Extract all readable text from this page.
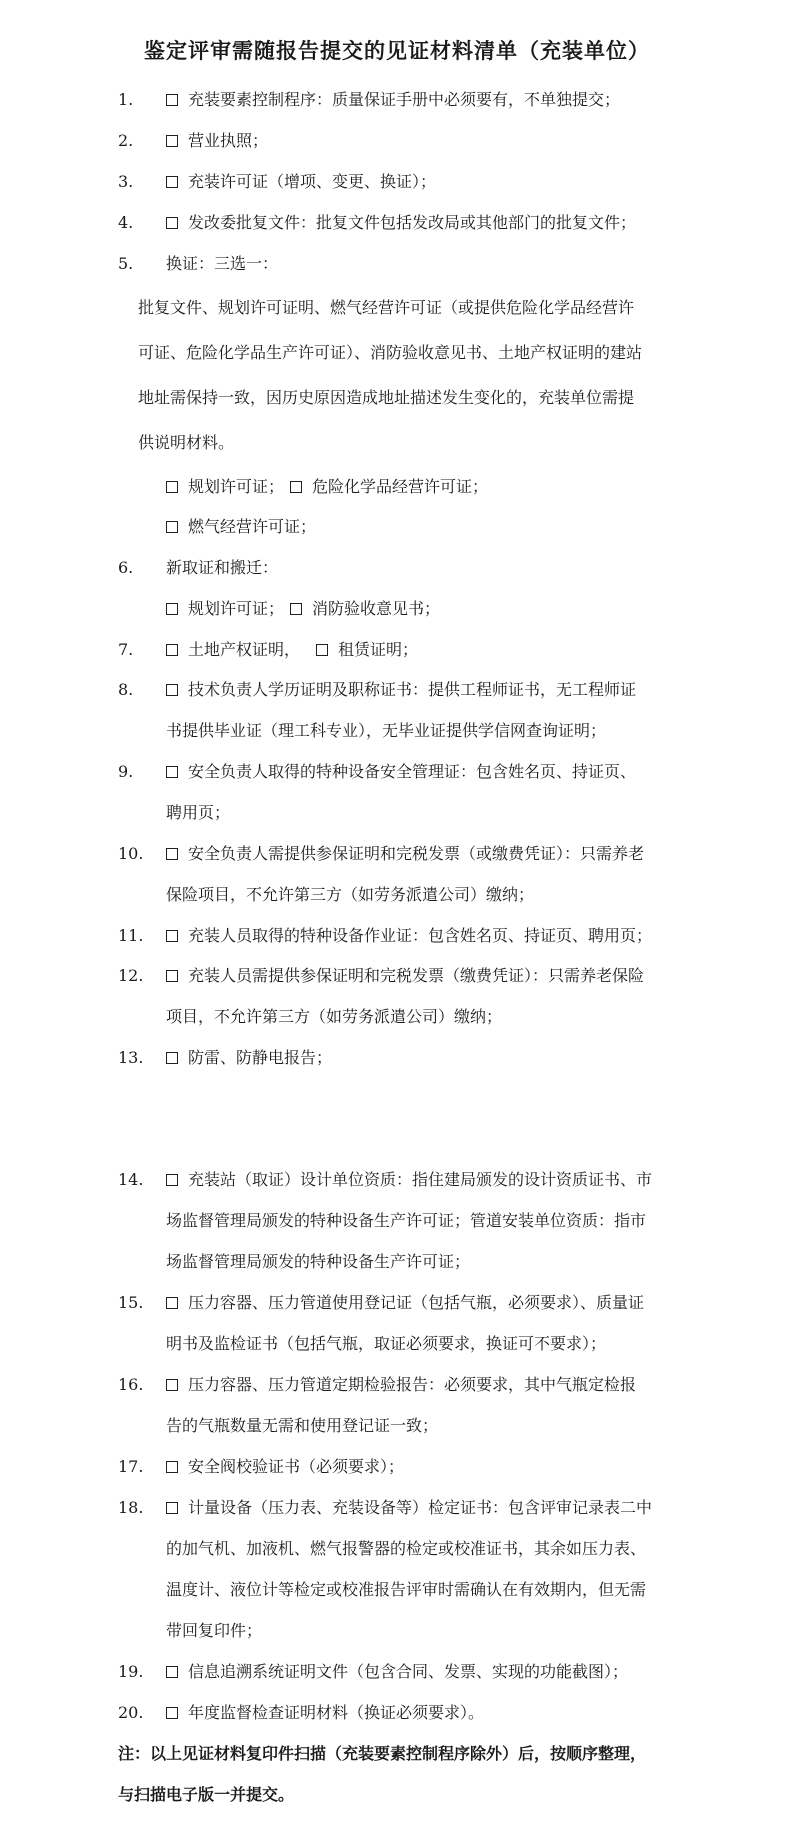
鉴定评审需随报告提交的见证材料清单（充装单位）
1.	充装要素控制程序：质量保证手册中必须要有，不单独提交；
2.	营业执照；
3.	充装许可证（增项、变更、换证）；
4.	发改委批复文件：批复文件包括发改局或其他部门的批复文件；
5. 换证：三选一：
批复文件、规划许可证明、燃气经营许可证（或提供危险化学品经营许
可证、危险化学品生产许可证）、消防验收意见书、土地产权证明的建站
地址需保持一致，因历史原因造成地址描述发生变化的，充装单位需提
供说明材料。
规划许可证； 危险化学品经营许可证；
燃气经营许可证；
6. 新取证和搬迁：
规划许可证； 消防验收意见书；
7.	土地产权证明， 租赁证明；
8.	技术负责人学历证明及职称证书：提供工程师证书，无工程师证
书提供毕业证（理工科专业），无毕业证提供学信网查询证明；
9.	安全负责人取得的特种设备安全管理证：包含姓名页、持证页、
聘用页；
10.	安全负责人需提供参保证明和完税发票（或缴费凭证）：只需养老
保险项目，不允许第三方（如劳务派遣公司）缴纳；
11.	充装人员取得的特种设备作业证：包含姓名页、持证页、聘用页；
12.	充装人员需提供参保证明和完税发票（缴费凭证）：只需养老保险
项目，不允许第三方（如劳务派遣公司）缴纳；
13.	防雷、防静电报告；
14.	充装站（取证）设计单位资质：指住建局颁发的设计资质证书、市
场监督管理局颁发的特种设备生产许可证；管道安装单位资质：指市
场监督管理局颁发的特种设备生产许可证；
15.	压力容器、压力管道使用登记证（包括气瓶，必须要求）、质量证
明书及监检证书（包括气瓶，取证必须要求，换证可不要求）；
16.	压力容器、压力管道定期检验报告：必须要求，其中气瓶定检报
告的气瓶数量无需和使用登记证一致；
17.	安全阀校验证书（必须要求）；
18.	计量设备（压力表、充装设备等）检定证书：包含评审记录表二中
的加气机、加液机、燃气报警器的检定或校准证书，其余如压力表、
温度计、液位计等检定或校准报告评审时需确认在有效期内，但无需
带回复印件；
19.	信息追溯系统证明文件（包含合同、发票、实现的功能截图）；
20.	年度监督检查证明材料（换证必须要求）。
注：以上见证材料复印件扫描（充装要素控制程序除外）后，按顺序整理，
与扫描电子版一并提交。
